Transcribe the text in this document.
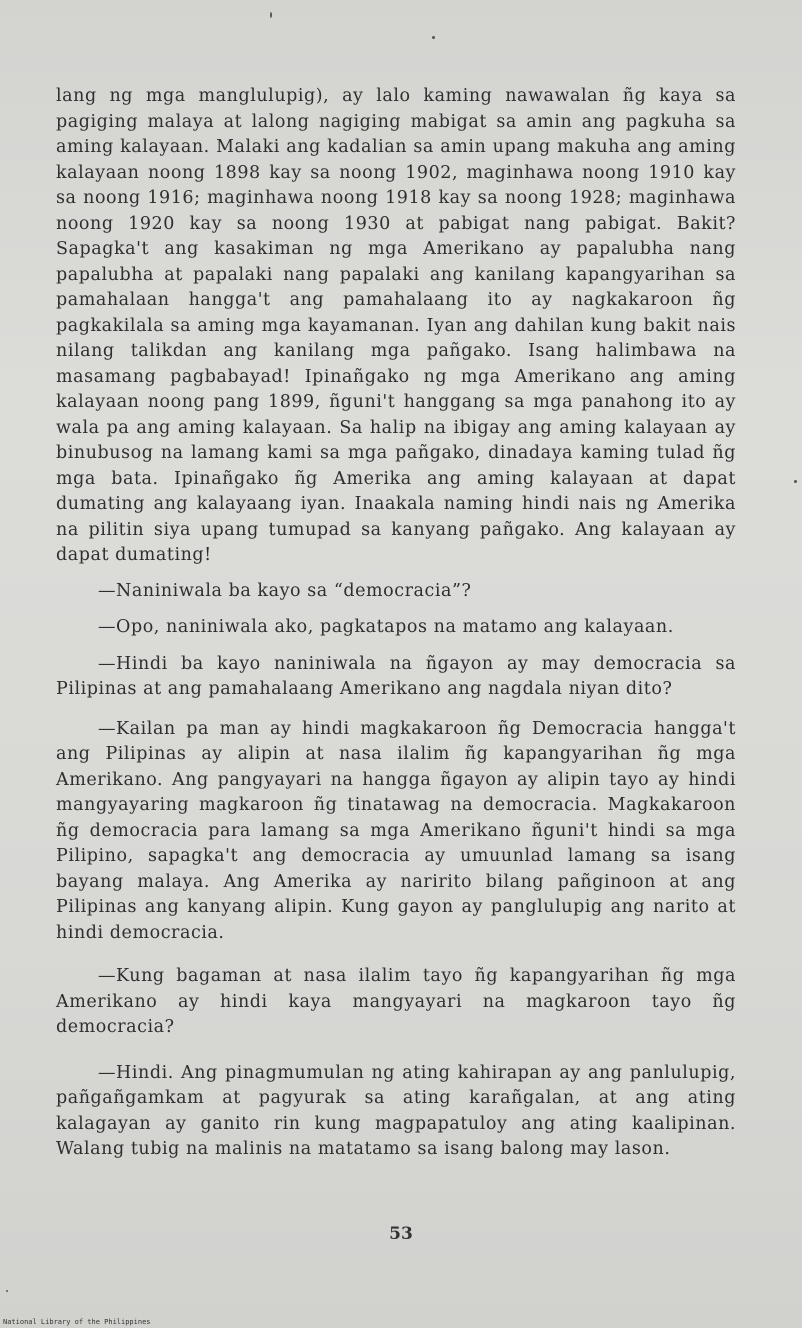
lang ng mga manglulupig), ay lalo kaming nawawalan ñg kaya sa pagiging malaya at lalong nagiging mabigat sa amin ang pagkuha sa aming kalayaan. Malaki ang kadalian sa amin upang makuha ang aming kalayaan noong 1898 kay sa noong 1902, maginhawa noong 1910 kay sa noong 1916; maginhawa noong 1918 kay sa noong 1928; maginhawa noong 1920 kay sa noong 1930 at pabigat nang pabigat. Bakit? Sapagka't ang kasakiman ng mga Amerikano ay papalubha nang papalubha at papalaki nang papalaki ang kanilang kapangyarihan sa pamahalaan hangga't ang pamahalaang ito ay nagkakaroon ñg pagkakilala sa aming mga kayamanan. Iyan ang dahilan kung bakit nais nilang talikdan ang kanilang mga pañgako. Isang halimbawa na masamang pagbabayad! Ipinañgako ng mga Amerikano ang aming kalayaan noong pang 1899, ñguni't hanggang sa mga panahong ito ay wala pa ang aming kalayaan. Sa halip na ibigay ang aming kalayaan ay binubusog na lamang kami sa mga pañgako, dinadaya kaming tulad ñg mga bata. Ipinañgako ñg Amerika ang aming kalayaan at dapat dumating ang kalayaang iyan. Inaakala naming hindi nais ng Amerika na pilitin siya upang tumupad sa kanyang pañgako. Ang kalayaan ay dapat dumating!

—Naniniwala ba kayo sa “democracia”?

—Opo, naniniwala ako, pagkatapos na matamo ang kalayaan.

—Hindi ba kayo naniniwala na ñgayon ay may democracia sa Pilipinas at ang pamahalaang Amerikano ang nagdala niyan dito?

—Kailan pa man ay hindi magkakaroon ñg Democracia hangga't ang Pilipinas ay alipin at nasa ilalim ñg kapangyarihan ñg mga Amerikano. Ang pangyayari na hangga ñgayon ay alipin tayo ay hindi mangyayaring magkaroon ñg tinatawag na democracia. Magkakaroon ñg democracia para lamang sa mga Amerikano ñguni't hindi sa mga Pilipino, sapagka't ang democracia ay umuunlad lamang sa isang bayang malaya. Ang Amerika ay naririto bilang pañginoon at ang Pilipinas ang kanyang alipin. Kung gayon ay panglulupig ang narito at hindi democracia.

—Kung bagaman at nasa ilalim tayo ñg kapangyarihan ñg mga Amerikano ay hindi kaya mangyayari na magkaroon tayo ñg democracia?

—Hindi. Ang pinagmumulan ng ating kahirapan ay ang panlulupig, pañgañgamkam at pagyurak sa ating karañgalan, at ang ating kalagayan ay ganito rin kung magpapatuloy ang ating kaalipinan. Walang tubig na malinis na matatamo sa isang balong may lason.

53
National Library of the Philippines
